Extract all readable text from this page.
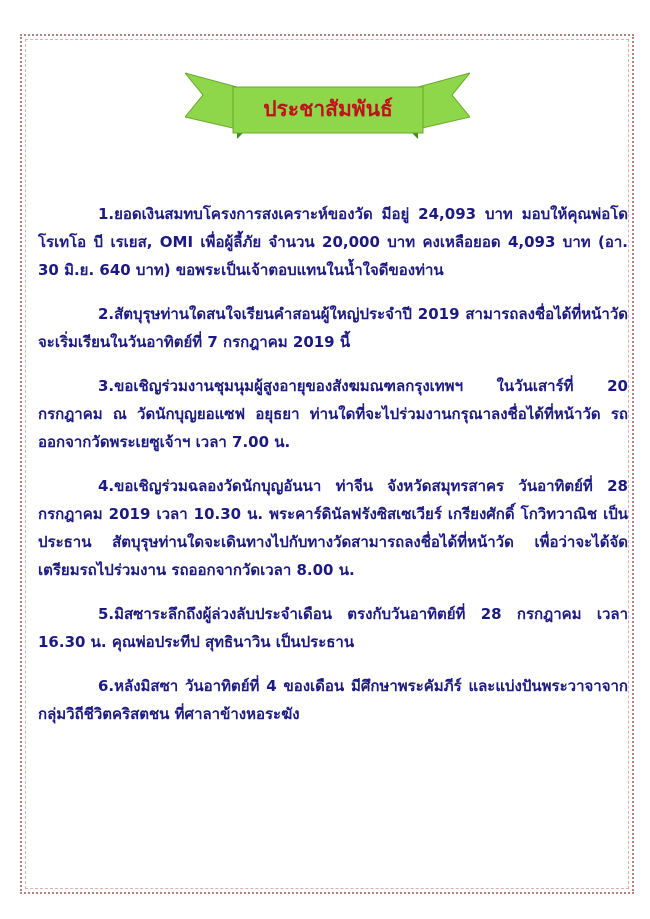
ประชาสัมพันธ์

1.ยอดเงินสมทบโครงการสงเคราะห์ของวัด มีอยู่ 24,093 บาท มอบให้คุณพ่อโดโรเทโอ บี เรเยส, OMI เพื่อผู้ลี้ภัย จำนวน 20,000 บาท คงเหลือยอด 4,093 บาท (อา. 30 มิ.ย. 640 บาท) ขอพระเป็นเจ้าตอบแทนในน้ำใจดีของท่าน

2.สัตบุรุษท่านใดสนใจเรียนคำสอนผู้ใหญ่ประจำปี 2019 สามารถลงชื่อได้ที่หน้าวัด จะเริ่มเรียนในวันอาทิตย์ที่ 7 กรกฎาคม 2019 นี้

3.ขอเชิญร่วมงานชุมนุมผู้สูงอายุของสังฆมณฑลกรุงเทพฯ ในวันเสาร์ที่ 20 กรกฎาคม ณ วัดนักบุญยอแซฟ อยุธยา ท่านใดที่จะไปร่วมงานกรุณาลงชื่อได้ที่หน้าวัด รถออกจากวัดพระเยซูเจ้าฯ เวลา 7.00 น.

4.ขอเชิญร่วมฉลองวัดนักบุญอันนา ท่าจีน จังหวัดสมุทรสาคร วันอาทิตย์ที่ 28 กรกฎาคม 2019 เวลา 10.30 น. พระคาร์ดินัลฟรังซิสเซเวียร์ เกรียงศักดิ์ โกวิทวาณิช เป็นประธาน สัตบุรุษท่านใดจะเดินทางไปกับทางวัดสามารถลงชื่อได้ที่หน้าวัด เพื่อว่าจะได้จัดเตรียมรถไปร่วมงาน รถออกจากวัดเวลา 8.00 น.

5.มิสซาระลึกถึงผู้ล่วงลับประจำเดือน ตรงกับวันอาทิตย์ที่ 28 กรกฎาคม เวลา 16.30 น. คุณพ่อประทีป สุทธินาวิน เป็นประธาน

6.หลังมิสซา วันอาทิตย์ที่ 4 ของเดือน มีศึกษาพระคัมภีร์ และแบ่งปันพระวาจาจากกลุ่มวิถีชีวิตคริสตชน ที่ศาลาข้างหอระฆัง
